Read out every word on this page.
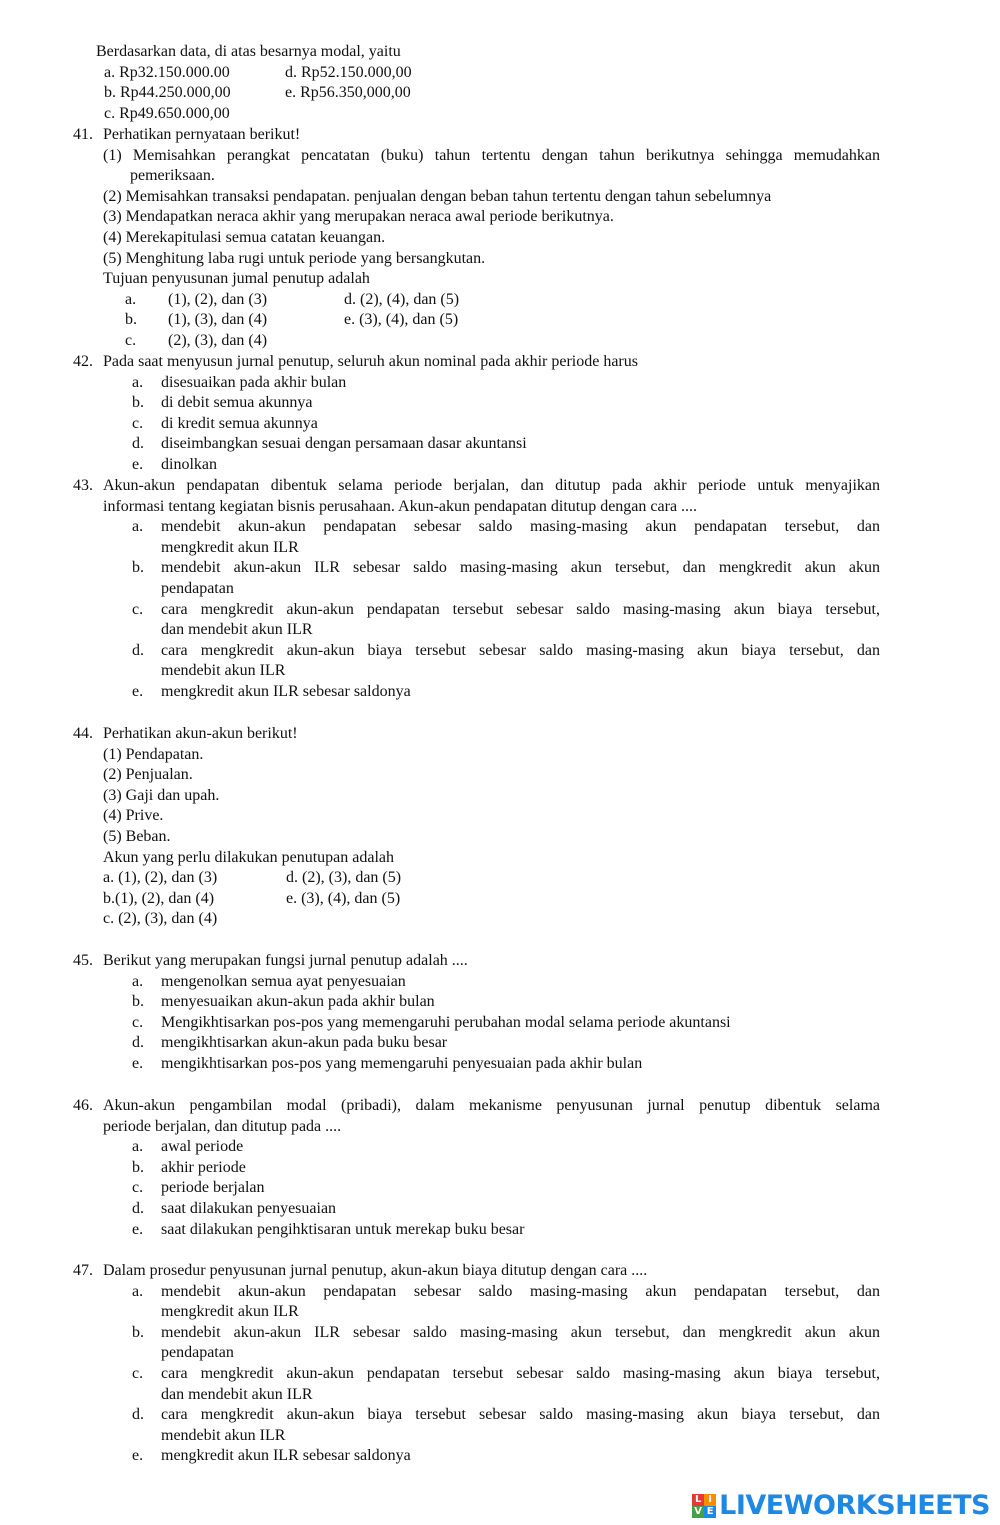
Berdasarkan data, di atas besarnya modal, yaitu
a. Rp32.150.000.00	d. Rp52.150.000,00
b. Rp44.250.000,00	e. Rp56.350,000,00
c. Rp49.650.000,00
41. Perhatikan pernyataan berikut!
(1) Memisahkan perangkat pencatatan (buku) tahun tertentu dengan tahun berikutnya sehingga memudahkan
pemeriksaan.
(2) Memisahkan transaksi pendapatan. penjualan dengan beban tahun tertentu dengan tahun sebelumnya
(3) Mendapatkan neraca akhir yang merupakan neraca awal periode berikutnya.
(4) Merekapitulasi semua catatan keuangan.
(5) Menghitung laba rugi untuk periode yang bersangkutan.
Tujuan penyusunan jumal penutup adalah
a. (1), (2), dan (3)	d. (2), (4), dan (5)
b. (1), (3), dan (4)	e. (3), (4), dan (5)
c. (2), (3), dan (4)
42. Pada saat menyusun jurnal penutup, seluruh akun nominal pada akhir periode harus
a. disesuaikan pada akhir bulan
b. di debit semua akunnya
c. di kredit semua akunnya
d. diseimbangkan sesuai dengan persamaan dasar akuntansi
e. dinolkan
43. Akun-akun pendapatan dibentuk selama periode berjalan, dan ditutup pada akhir periode untuk menyajikan
informasi tentang kegiatan bisnis perusahaan. Akun-akun pendapatan ditutup dengan cara ....
a. mendebit akun-akun pendapatan sebesar saldo masing-masing akun pendapatan tersebut, dan
mengkredit akun ILR
b. mendebit akun-akun ILR sebesar saldo masing-masing akun tersebut, dan mengkredit akun akun
pendapatan
c. cara mengkredit akun-akun pendapatan tersebut sebesar saldo masing-masing akun biaya tersebut,
dan mendebit akun ILR
d. cara mengkredit akun-akun biaya tersebut sebesar saldo masing-masing akun biaya tersebut, dan
mendebit akun ILR
e. mengkredit akun ILR sebesar saldonya
44. Perhatikan akun-akun berikut!
(1) Pendapatan.
(2) Penjualan.
(3) Gaji dan upah.
(4) Prive.
(5) Beban.
Akun yang perlu dilakukan penutupan adalah
a. (1), (2), dan (3)	d. (2), (3), dan (5)
b.(1), (2), dan (4)	e. (3), (4), dan (5)
c. (2), (3), dan (4)
45. Berikut yang merupakan fungsi jurnal penutup adalah ....
a. mengenolkan semua ayat penyesuaian
b. menyesuaikan akun-akun pada akhir bulan
c. Mengikhtisarkan pos-pos yang memengaruhi perubahan modal selama periode akuntansi
d. mengikhtisarkan akun-akun pada buku besar
e. mengikhtisarkan pos-pos yang memengaruhi penyesuaian pada akhir bulan
46. Akun-akun pengambilan modal (pribadi), dalam mekanisme penyusunan jurnal penutup dibentuk selama
periode berjalan, dan ditutup pada ....
a. awal periode
b. akhir periode
c. periode berjalan
d. saat dilakukan penyesuaian
e. saat dilakukan pengihktisaran untuk merekap buku besar
47. Dalam prosedur penyusunan jurnal penutup, akun-akun biaya ditutup dengan cara ....
a. mendebit akun-akun pendapatan sebesar saldo masing-masing akun pendapatan tersebut, dan
mengkredit akun ILR
b. mendebit akun-akun ILR sebesar saldo masing-masing akun tersebut, dan mengkredit akun akun
pendapatan
c. cara mengkredit akun-akun pendapatan tersebut sebesar saldo masing-masing akun biaya tersebut,
dan mendebit akun ILR
d. cara mengkredit akun-akun biaya tersebut sebesar saldo masing-masing akun biaya tersebut, dan
mendebit akun ILR
e. mengkredit akun ILR sebesar saldonya
L I
V E LIVEWORKSHEETS
